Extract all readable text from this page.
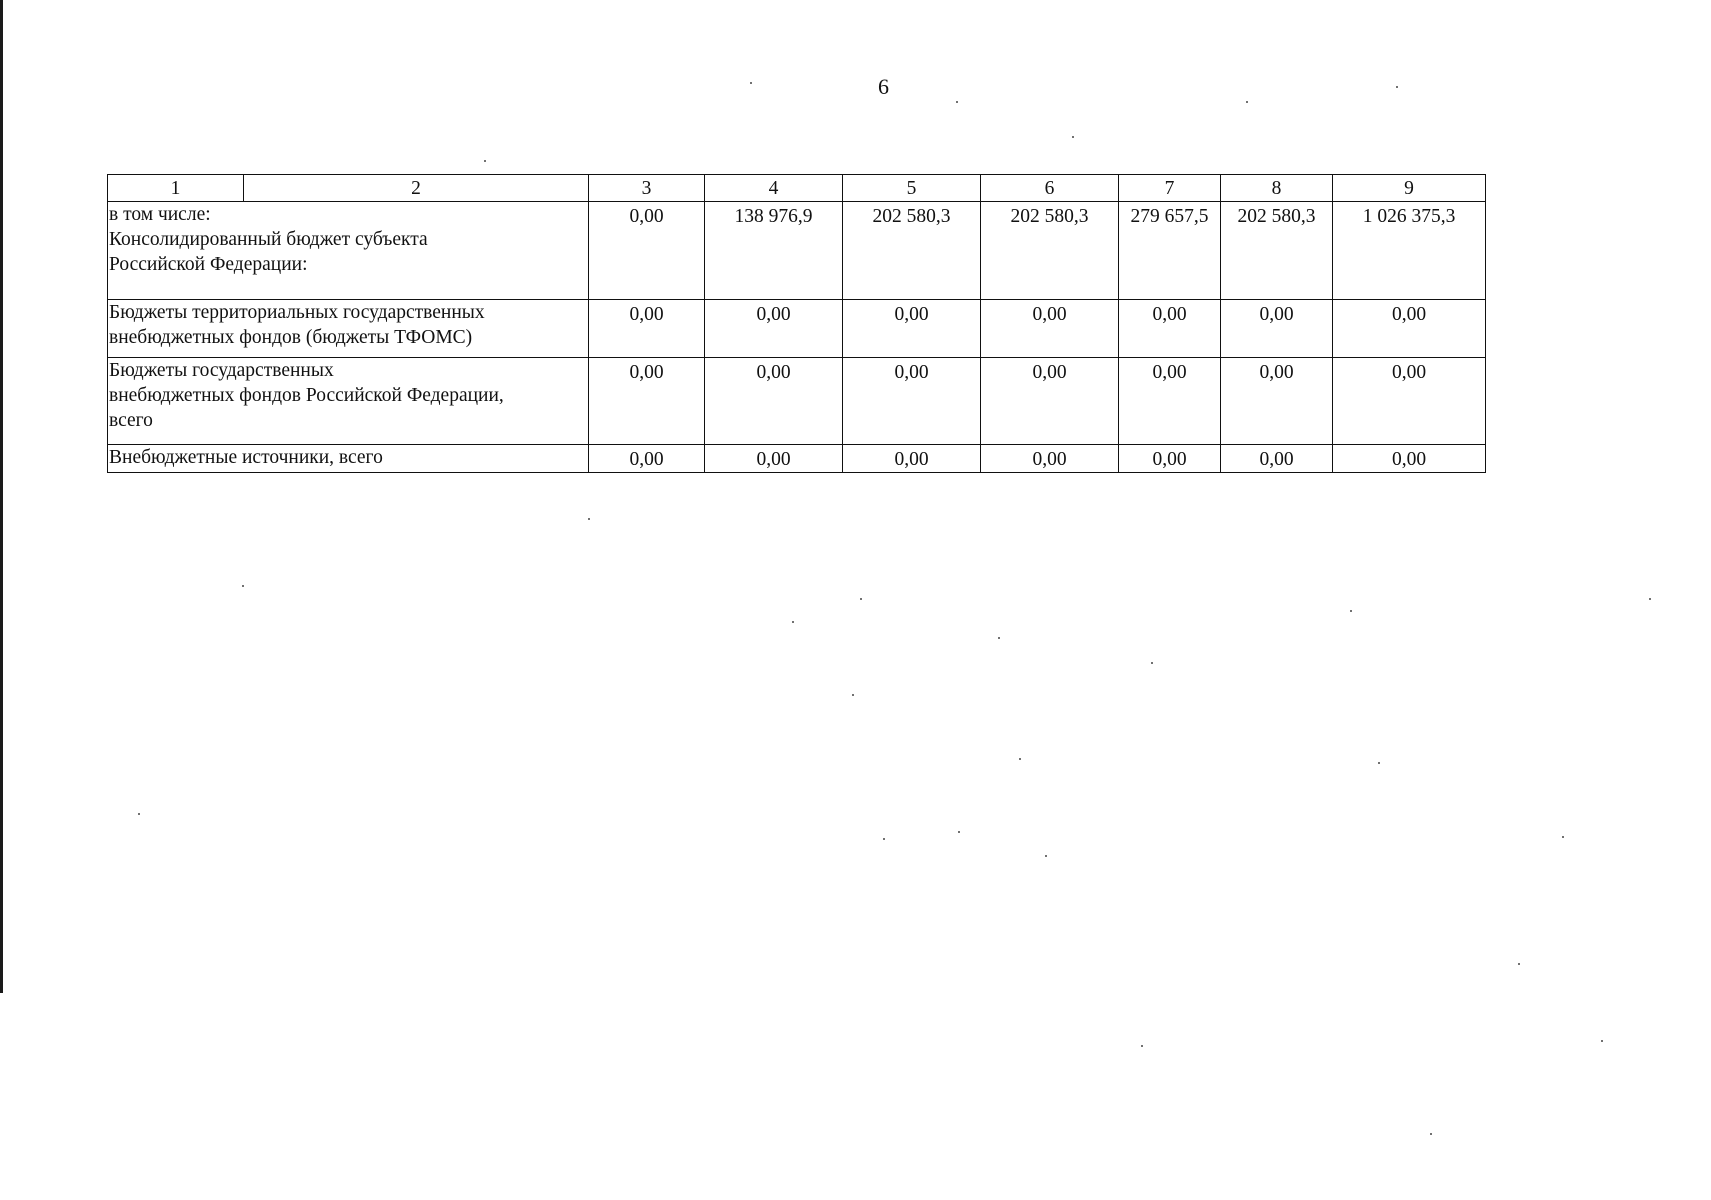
6
1	2	3	4	5	6	7	8	9

в том числе:
Консолидированный бюджет субъекта
Российской Федерации:		0,00	138 976,9	202 580,3	202 580,3	279 657,5	202 580,3	1 026 375,3

Бюджеты территориальных государственных
внебюджетных фондов (бюджеты ТФОМС)		0,00	0,00	0,00	0,00	0,00	0,00	0,00

Бюджеты государственных
внебюджетных фондов Российской Федерации,
всего		0,00	0,00	0,00	0,00	0,00	0,00	0,00

Внебюджетные источники, всего		0,00	0,00	0,00	0,00	0,00	0,00	0,00
